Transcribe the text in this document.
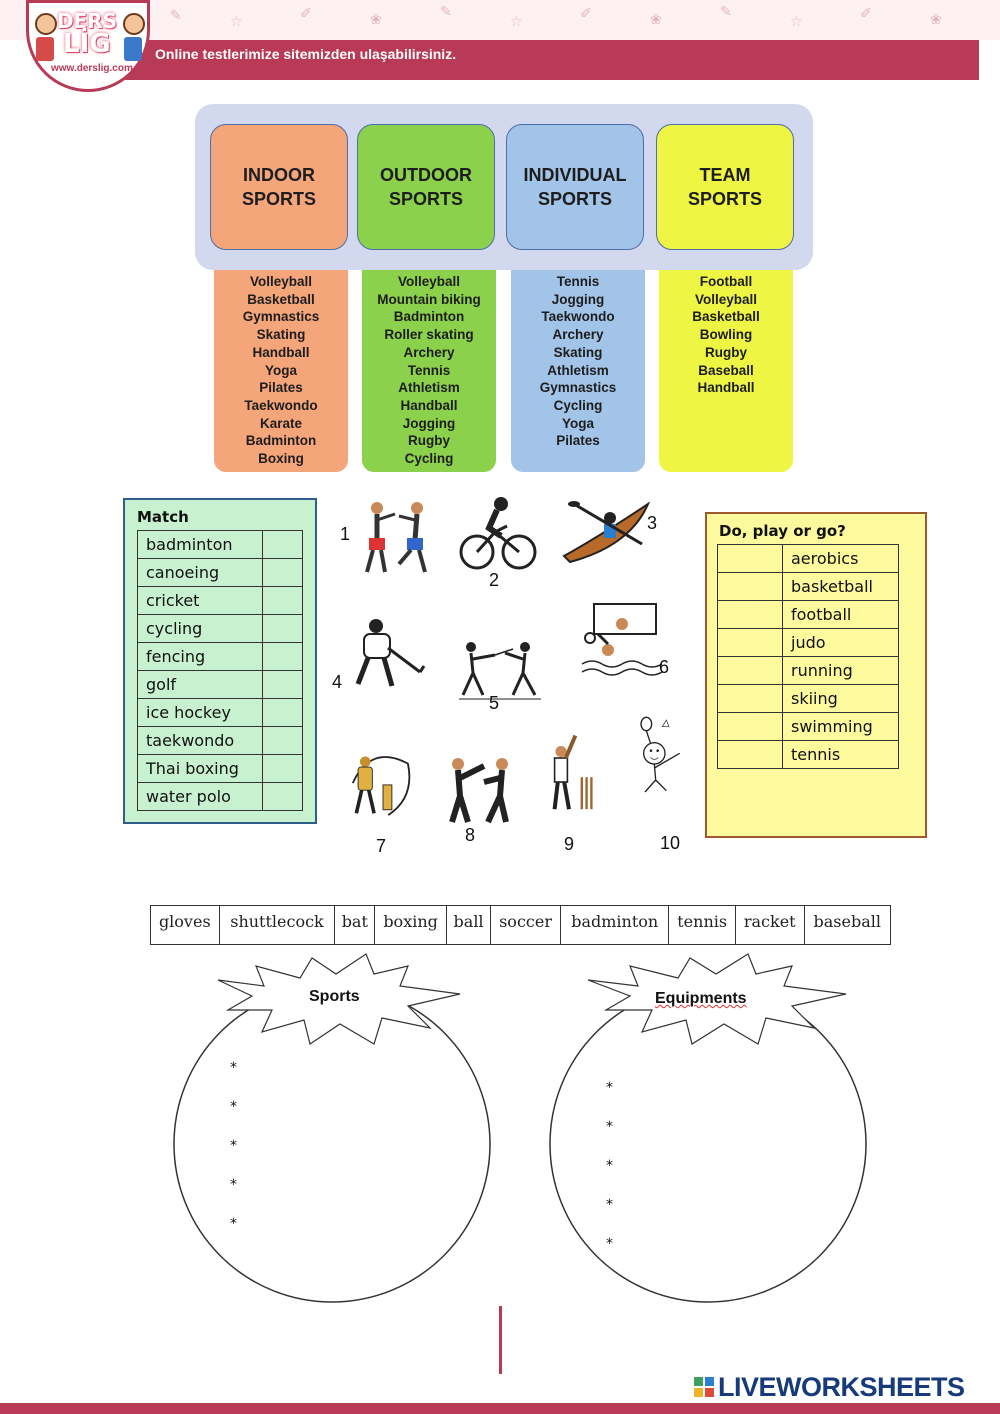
✎	☆	✐	❀	✎
☆	✐	❀	✎
☆	✐	❀
Online testlerimize sitemizden ulaşabilirsiniz.
DERS
LİG
www.derslig.com
INDOOR
SPORTS
Volleyball
Basketball
Gymnastics
Skating
Handball
Yoga
Pilates
Taekwondo
Karate
Badminton
Boxing
OUTDOOR
SPORTS
Volleyball
Mountain biking
Badminton
Roller skating
Archery
Tennis
Athletism
Handball
Jogging
Rugby
Cycling
INDIVIDUAL
SPORTS
Tennis
Jogging
Taekwondo
Archery
Skating
Athletism
Gymnastics
Cycling
Yoga
Pilates
TEAM
SPORTS
Football
Volleyball
Basketball
Bowling
Rugby
Baseball
Handball
Match
badminton	
canoeing	
cricket	
cycling	
fencing	
golf	
ice hockey	
taekwondo	
Thai boxing	
water polo	
1
2
3
4
5
6
7
8	9	10
Do, play or go?
	aerobics
	basketball
	football
	judo
	running
	skiing
	swimming
	tennis
gloves	shuttlecock	bat	boxing	ball	soccer	badminton	tennis	racket	baseball
Sports	Equipments
*
*
*
*
*
*
*
*
*
*
LIVEWORKSHEETS
